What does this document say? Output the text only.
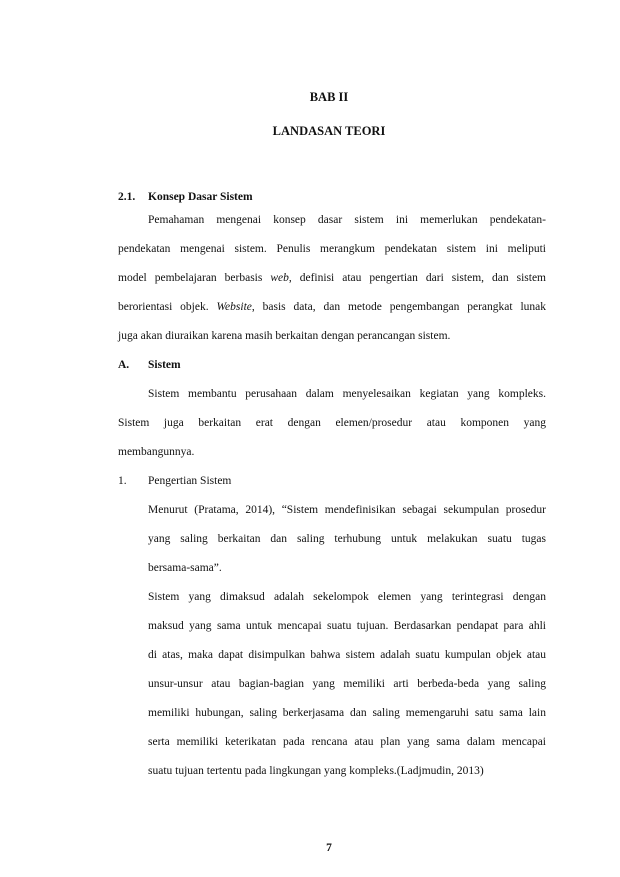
BAB II
LANDASAN TEORI
2.1. Konsep Dasar Sistem
Pemahaman mengenai konsep dasar sistem ini memerlukan pendekatan-
pendekatan mengenai sistem. Penulis merangkum pendekatan sistem ini meliputi
model pembelajaran berbasis web, definisi atau pengertian dari sistem, dan sistem
berorientasi objek. Website, basis data, dan metode pengembangan perangkat lunak
juga akan diuraikan karena masih berkaitan dengan perancangan sistem.
A. Sistem
Sistem membantu perusahaan dalam menyelesaikan kegiatan yang kompleks.
Sistem juga berkaitan erat dengan elemen/prosedur atau komponen yang
membangunnya.
1. Pengertian Sistem
Menurut (Pratama, 2014), “Sistem mendefinisikan sebagai sekumpulan prosedur
yang saling berkaitan dan saling terhubung untuk melakukan suatu tugas
bersama-sama”.
Sistem yang dimaksud adalah sekelompok elemen yang terintegrasi dengan
maksud yang sama untuk mencapai suatu tujuan. Berdasarkan pendapat para ahli
di atas, maka dapat disimpulkan bahwa sistem adalah suatu kumpulan objek atau
unsur-unsur atau bagian-bagian yang memiliki arti berbeda-beda yang saling
memiliki hubungan, saling berkerjasama dan saling memengaruhi satu sama lain
serta memiliki keterikatan pada rencana atau plan yang sama dalam mencapai
suatu tujuan tertentu pada lingkungan yang kompleks.(Ladjmudin, 2013)
7
